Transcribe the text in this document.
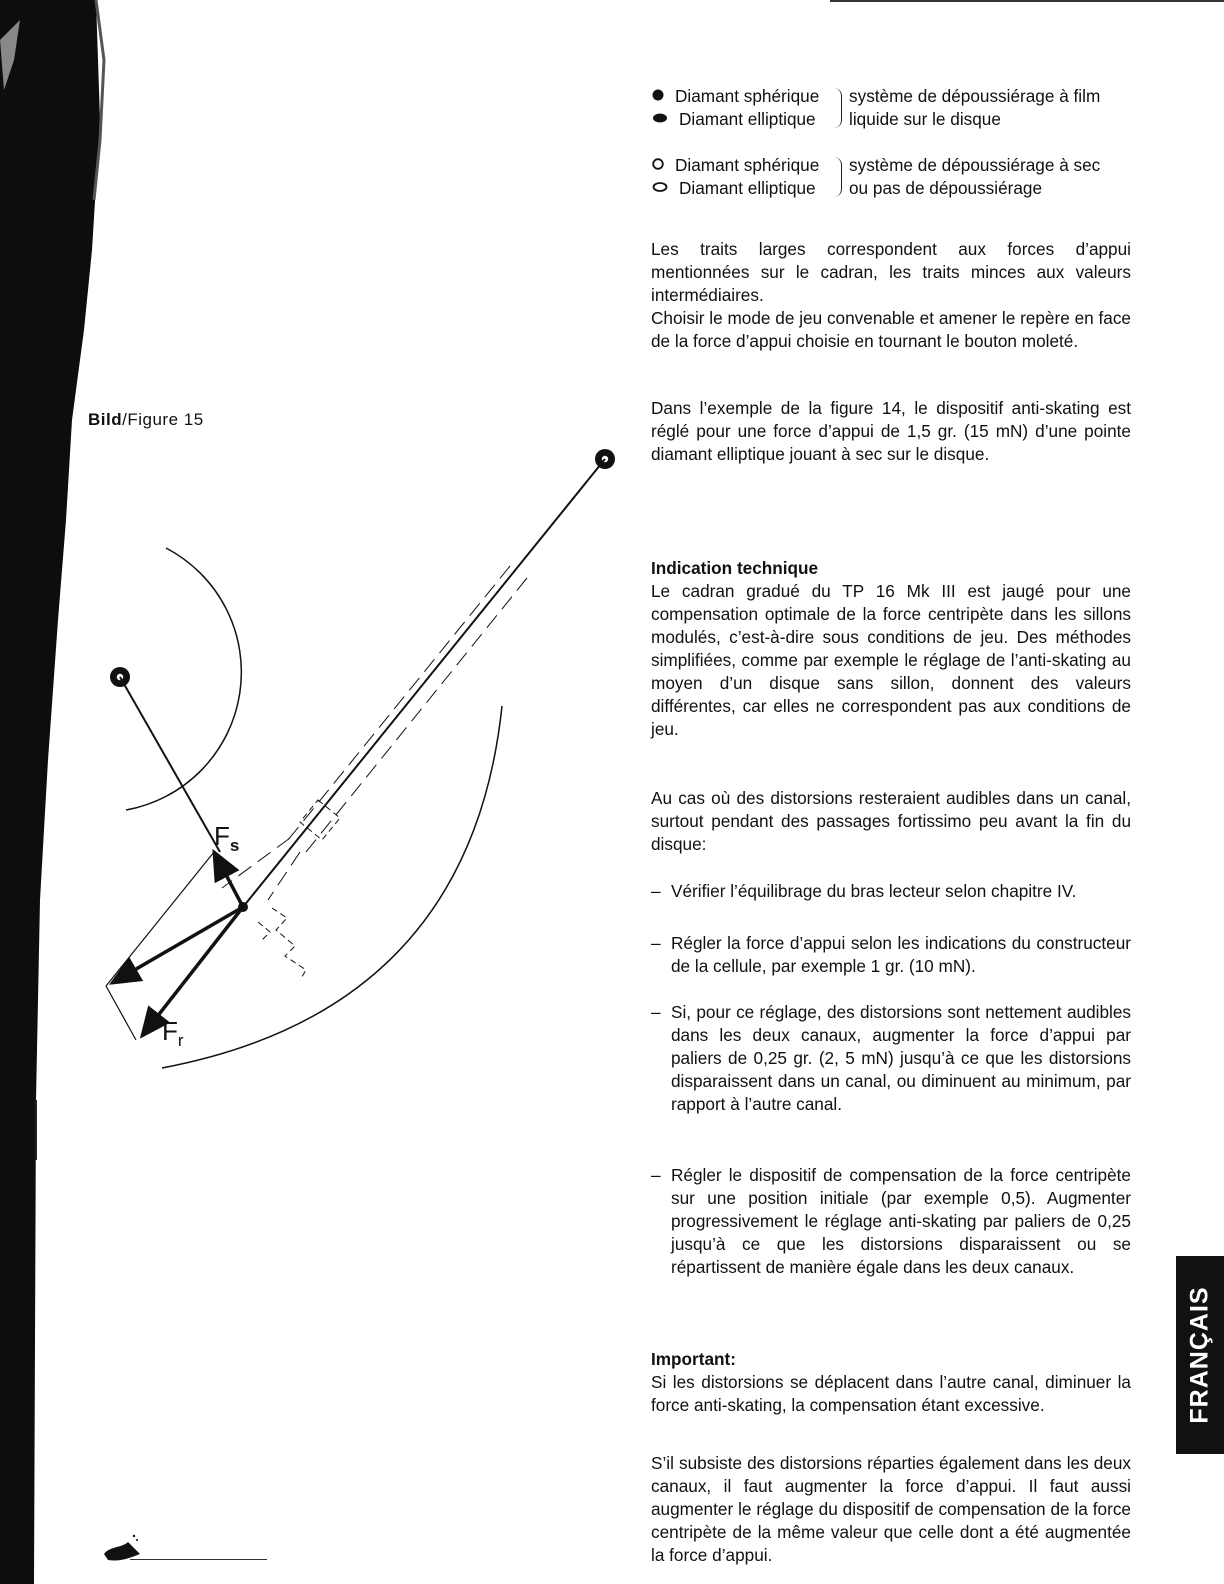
Diamant sphérique	système de dépoussiérage à film
Diamant elliptique	liquide sur le disque
Diamant sphérique	système de dépoussiérage à sec
Diamant elliptique	ou pas de dépoussiérage

Les traits larges correspondent aux forces d’appui mentionnées sur le cadran, les traits minces aux valeurs intermédiaires.

Choisir le mode de jeu convenable et amener le repère en face de la force d’appui choisie en tournant le bouton moleté.

Dans l’exemple de la figure 14, le dispositif anti-skating est réglé pour une force d’appui de 1,5 gr. (15 mN) d’une pointe diamant elliptique jouant à sec sur le disque.

Indication technique

Le cadran gradué du TP 16 Mk III est jaugé pour une compensation optimale de la force centripète dans les sillons modulés, c’est-à-dire sous conditions de jeu. Des méthodes simplifiées, comme par exemple le réglage de l’anti-skating au moyen d’un disque sans sillon, donnent des valeurs différentes, car elles ne correspondent pas aux conditions de jeu.

Au cas où des distorsions resteraient audibles dans un canal, surtout pendant des passages fortissimo peu avant la fin du disque:

– Vérifier l’équilibrage du bras lecteur selon chapitre IV.
– Régler la force d’appui selon les indications du constructeur de la cellule, par exemple 1 gr. (10 mN).
– Si, pour ce réglage, des distorsions sont nettement audibles dans les deux canaux, augmenter la force d’appui par paliers de 0,25 gr. (2, 5 mN) jusqu’à ce que les distorsions disparaissent dans un canal, ou diminuent au minimum, par rapport à l’autre canal.
– Régler le dispositif de compensation de la force centripète sur une position initiale (par exemple 0,5). Augmenter progressivement le réglage anti-skating par paliers de 0,25 jusqu’à ce que les distorsions disparaissent ou se répartissent de manière égale dans les deux canaux.
Important:

Si les distorsions se déplacent dans l’autre canal, diminuer la force anti-skating, la compensation étant excessive.

S’il subsiste des distorsions réparties également dans les deux canaux, il faut augmenter la force d’appui. Il faut aussi augmenter le réglage du dispositif de compensation de la force centripète de la même valeur que celle dont a été augmentée la force d’appui.

Bild/Figure 15
$F_s$
$F_r$
FRANÇAIS
